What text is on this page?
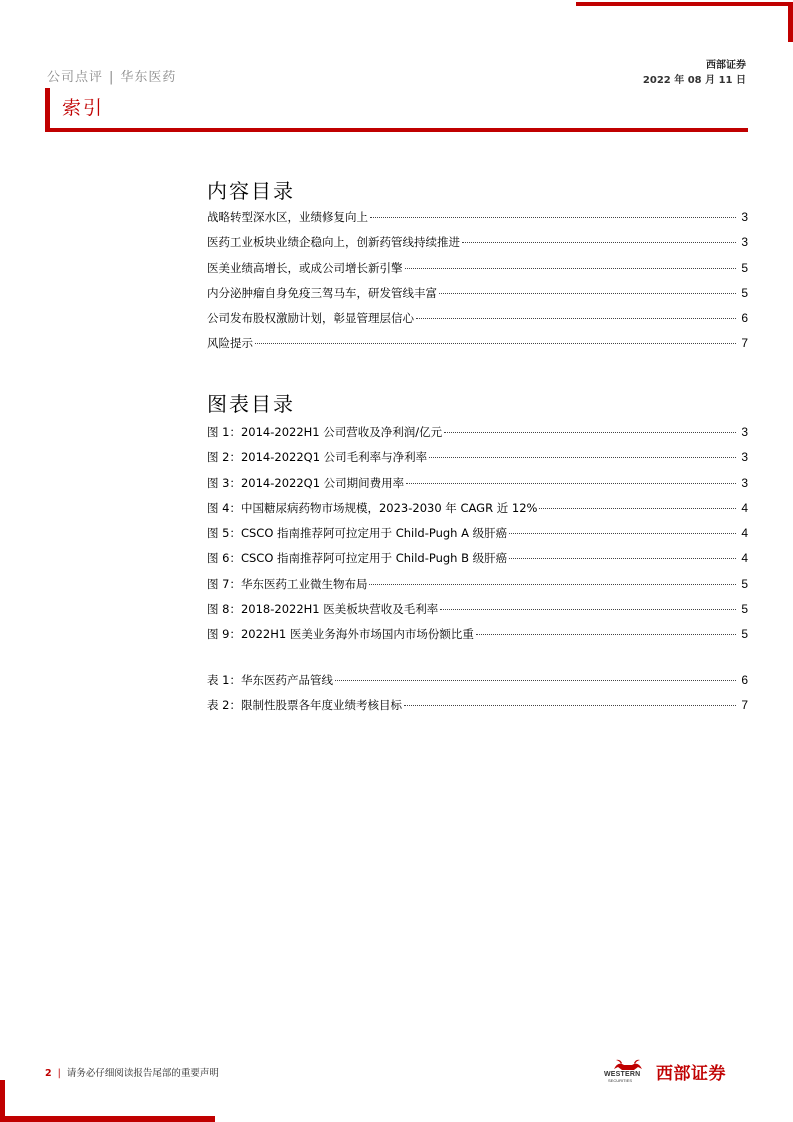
公司点评 | 华东医药
西部证券
2022 年 08 月 11 日
索引
内容目录
战略转型深水区，业绩修复向上	3
医药工业板块业绩企稳向上，创新药管线持续推进	3
医美业绩高增长，或成公司增长新引擎	5
内分泌肿瘤自身免疫三驾马车，研发管线丰富	5
公司发布股权激励计划，彰显管理层信心	6
风险提示	7
图表目录
图 1：2014-2022H1 公司营收及净利润/亿元	3
图 2：2014-2022Q1 公司毛利率与净利率	3
图 3：2014-2022Q1 公司期间费用率	3
图 4：中国糖尿病药物市场规模，2023-2030 年 CAGR 近 12%	4
图 5：CSCO 指南推荐阿可拉定用于 Child-Pugh A 级肝癌	4
图 6：CSCO 指南推荐阿可拉定用于 Child-Pugh B 级肝癌	4
图 7：华东医药工业微生物布局	5
图 8：2018-2022H1 医美板块营收及毛利率	5
图 9：2022H1 医美业务海外市场国内市场份额比重	5
表 1：华东医药产品管线	6
表 2：限制性股票各年度业绩考核目标	7
2 | 请务必仔细阅读报告尾部的重要声明	WESTERN
SECURITIES 西部证券
